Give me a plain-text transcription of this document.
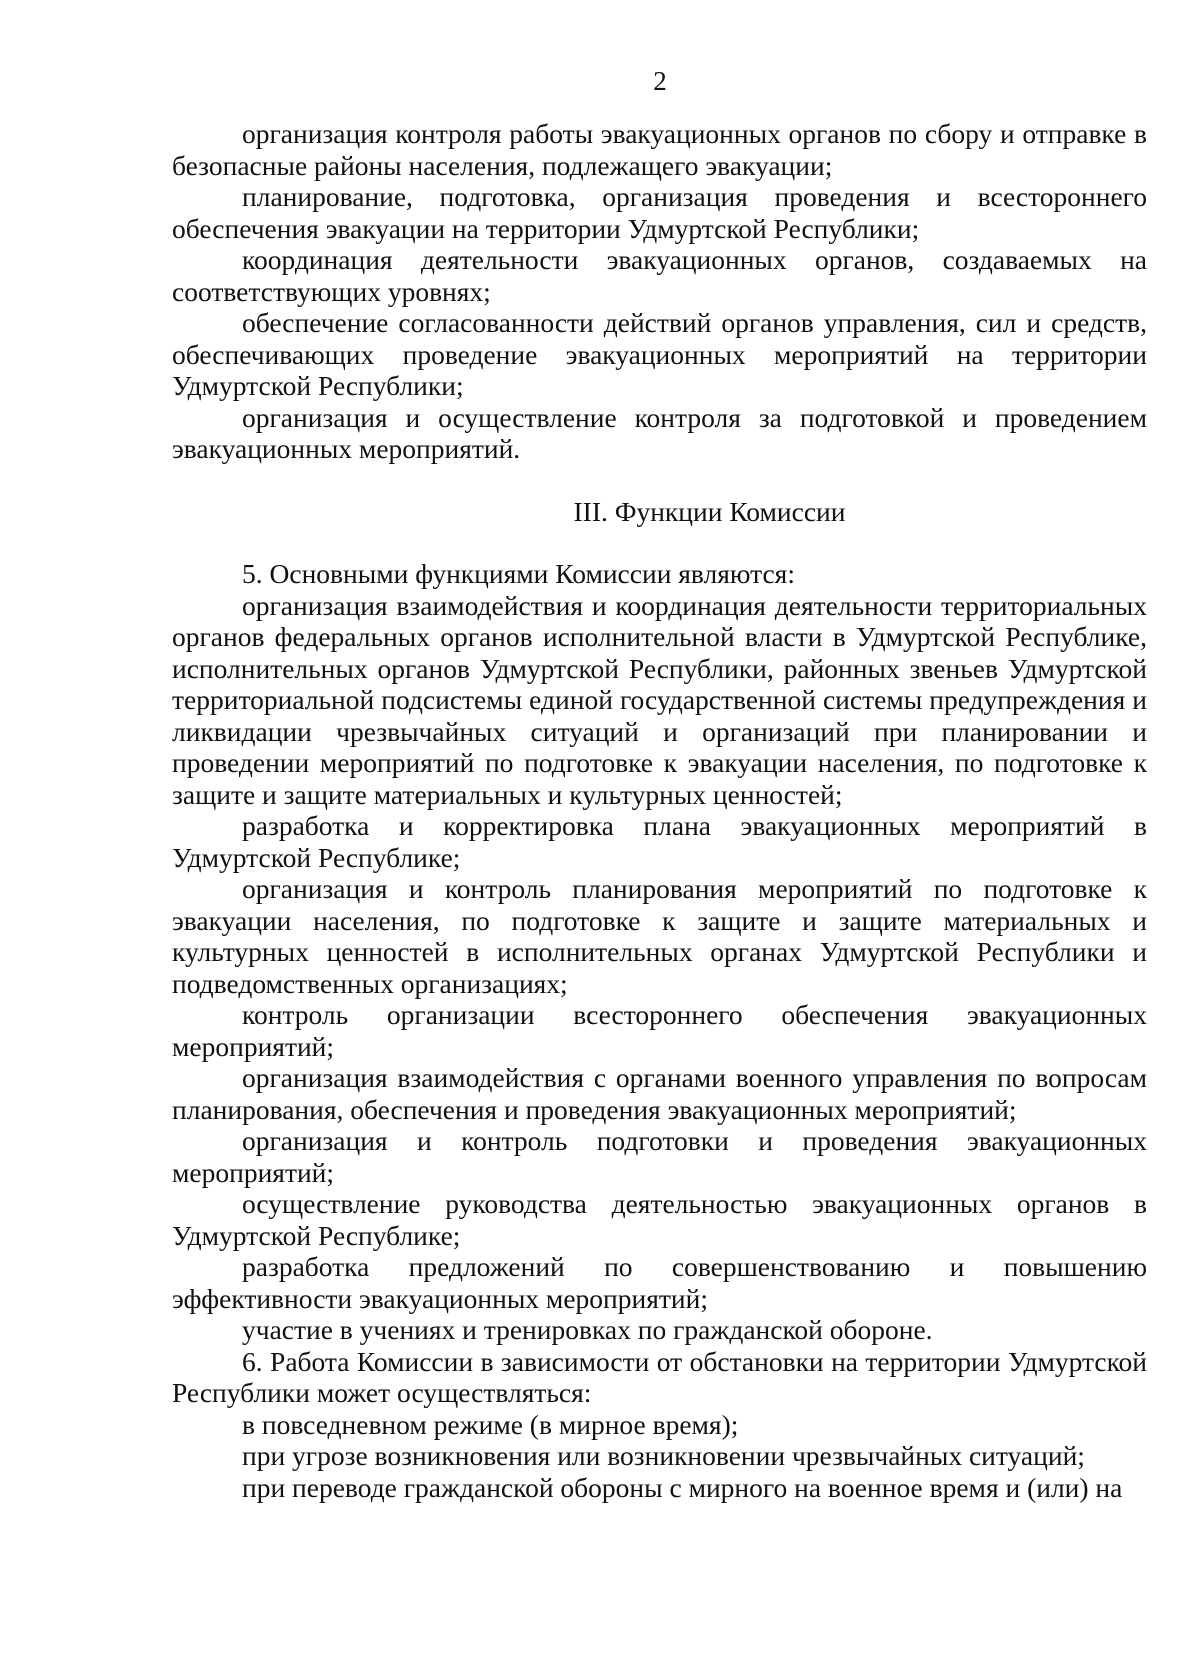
2

организация контроля работы эвакуационных органов по сбору и отправке в безопасные районы населения, подлежащего эвакуации;

планирование, подготовка, организация проведения и всестороннего обеспечения эвакуации на территории Удмуртской Республики;

координация деятельности эвакуационных органов, создаваемых на соответствующих уровнях;

обеспечение согласованности действий органов управления, сил и средств, обеспечивающих проведение эвакуационных мероприятий на территории Удмуртской Республики;

организация и осуществление контроля за подготовкой и проведением эвакуационных мероприятий.

III. Функции Комиссии

5. Основными функциями Комиссии являются:

организация взаимодействия и координация деятельности территориальных органов федеральных органов исполнительной власти в Удмуртской Республике, исполнительных органов Удмуртской Республики, районных звеньев Удмуртской территориальной подсистемы единой государственной системы предупреждения и ликвидации чрезвычайных ситуаций и организаций при планировании и проведении мероприятий по подготовке к эвакуации населения, по подготовке к защите и защите материальных и культурных ценностей;

разработка и корректировка плана эвакуационных мероприятий в Удмуртской Республике;

организация и контроль планирования мероприятий по подготовке к эвакуации населения, по подготовке к защите и защите материальных и культурных ценностей в исполнительных органах Удмуртской Республики и подведомственных организациях;

контроль организации всестороннего обеспечения эвакуационных мероприятий;

организация взаимодействия с органами военного управления по вопросам планирования, обеспечения и проведения эвакуационных мероприятий;

организация и контроль подготовки и проведения эвакуационных мероприятий;

осуществление руководства деятельностью эвакуационных органов в Удмуртской Республике;

разработка предложений по совершенствованию и повышению эффективности эвакуационных мероприятий;

участие в учениях и тренировках по гражданской обороне.

6. Работа Комиссии в зависимости от обстановки на территории Удмуртской Республики может осуществляться:

в повседневном режиме (в мирное время);

при угрозе возникновения или возникновении чрезвычайных ситуаций;

при переводе гражданской обороны с мирного на военное время и (или) на
